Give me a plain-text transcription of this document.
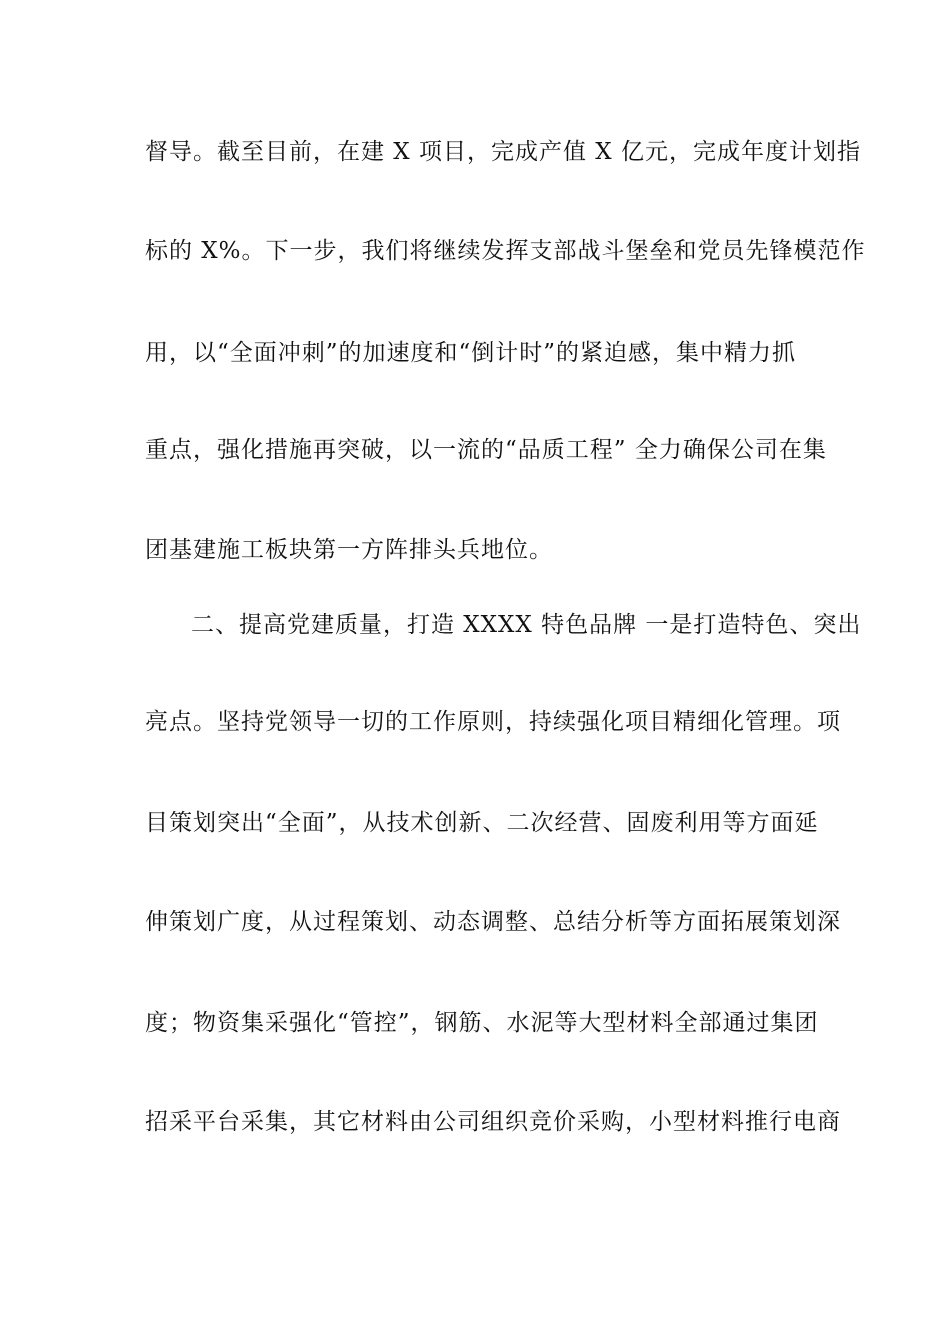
督导。截至目前，在建 X 项目，完成产值 X 亿元，完成年度计划指
标的 X%。下一步，我们将继续发挥支部战斗堡垒和党员先锋模范作
用，以“全面冲刺”的加速度和“倒计时”的紧迫感，集中精力抓
重点，强化措施再突破，以一流的“品质工程” 全力确保公司在集
团基建施工板块第一方阵排头兵地位。
二、提高党建质量，打造 XXXX 特色品牌 一是打造特色、突出
亮点。坚持党领导一切的工作原则，持续强化项目精细化管理。项
目策划突出“全面”，从技术创新、二次经营、固废利用等方面延
伸策划广度，从过程策划、动态调整、总结分析等方面拓展策划深
度；物资集采强化“管控”，钢筋、水泥等大型材料全部通过集团
招采平台采集，其它材料由公司组织竞价采购，小型材料推行电商
